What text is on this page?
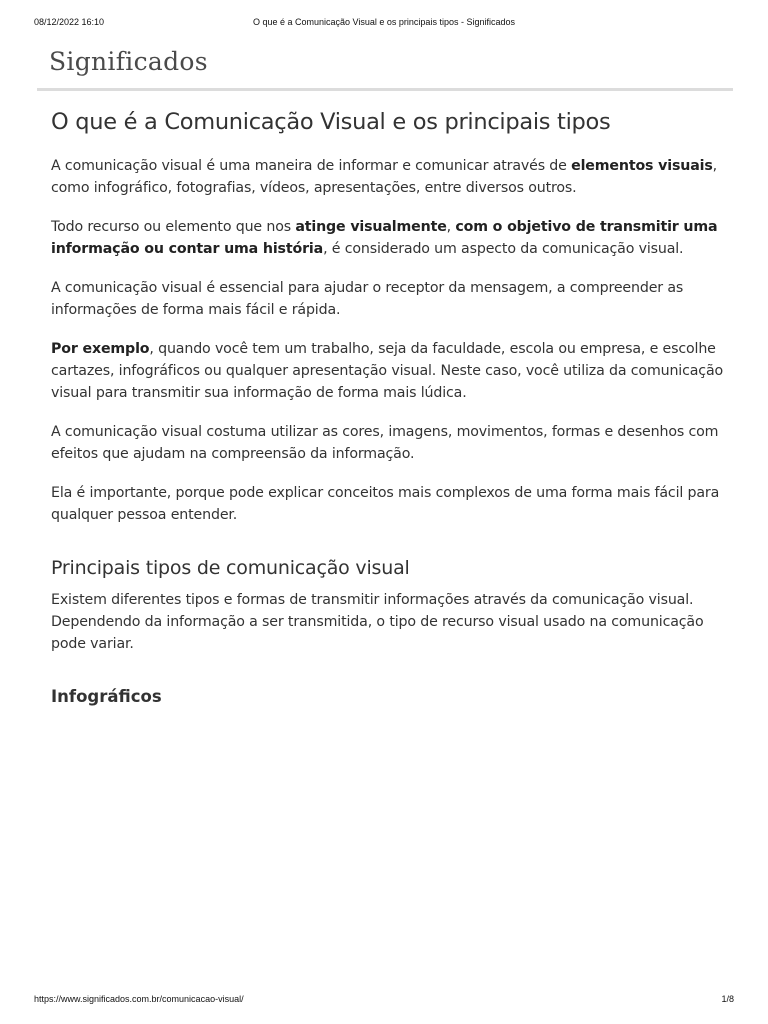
08/12/2022 16:10	O que é a Comunicação Visual e os principais tipos - Significados
Significados
O que é a Comunicação Visual e os principais tipos

A comunicação visual é uma maneira de informar e comunicar através de elementos visuais, como infográfico, fotografias, vídeos, apresentações, entre diversos outros.

Todo recurso ou elemento que nos atinge visualmente, com o objetivo de transmitir uma informação ou contar uma história, é considerado um aspecto da comunicação visual.

A comunicação visual é essencial para ajudar o receptor da mensagem, a compreender as informações de forma mais fácil e rápida.

Por exemplo, quando você tem um trabalho, seja da faculdade, escola ou empresa, e escolhe cartazes, infográficos ou qualquer apresentação visual. Neste caso, você utiliza da comunicação visual para transmitir sua informação de forma mais lúdica.

A comunicação visual costuma utilizar as cores, imagens, movimentos, formas e desenhos com efeitos que ajudam na compreensão da informação.

Ela é importante, porque pode explicar conceitos mais complexos de uma forma mais fácil para qualquer pessoa entender.

Principais tipos de comunicação visual

Existem diferentes tipos e formas de transmitir informações através da comunicação visual. Dependendo da informação a ser transmitida, o tipo de recurso visual usado na comunicação pode variar.

Infográficos
https://www.significados.com.br/comunicacao-visual/	1/8
